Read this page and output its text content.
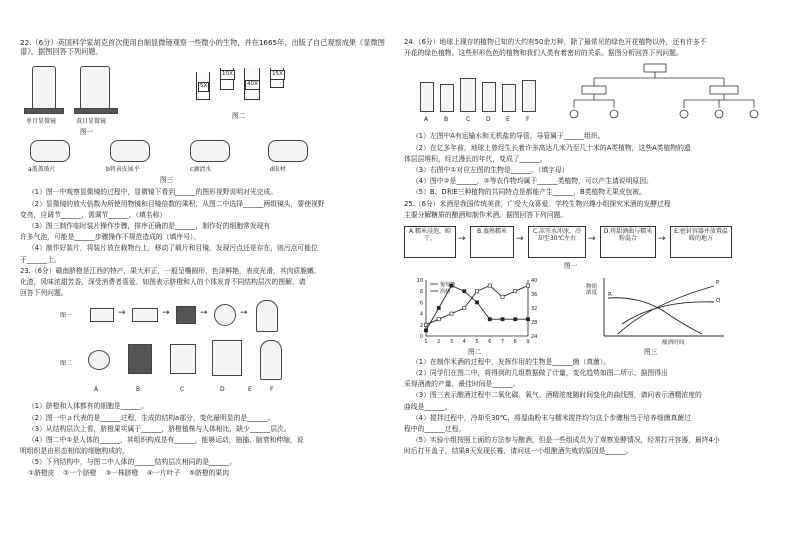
22.（6分）英国科学家胡克首次使用自制显微镜观察一些微小的生物，并在1665年，出版了自己观察成果《显微图谱》。据图回答下列问题。
单目显微镜	双目显微镜
图一
5X
10X
40X
15X
图二
a盖盖玻片	b将表皮展平	c滴清水	d取材
图三
（1）图一中观察显微镜的过程中，显微镜下看到______的图形视野说明对光完成。
（2）显微镜的放大倍数为所使用物镜和目镜倍数的乘积，从图二中选择______两组镜头，要使视野
变亮，应调节______，需调节______。（填名称）
（3）图三制作临时装片操作步骤，排序正确的是______，制作好的细胞常发现有
许多气泡，可能是______步骤操作不规范造成的（填序号）。
（4）制作好装片，将装片放在载物台上，移动了载片和目镜，发现污点还是存在，则污点可能位
于______上。
23.（6分）赣南脐橙是江西的特产，果大形正，一般呈椭圆形，色泽鲜艳，表皮光滑，其肉质脆嫩、
化渣，风味浓甜芳香，深受消费者喜爱。如图表示脐橙和人的个体发育不同结构层次的图解，请
回答下列问题。
图一	→	→	→	→
图二
A	B	C	D	E	F
（1）脐橙和人体都有的细胞是______。
（2）图一中ａ代表的是______过程，生成的结构a部分，变化最明显的是______。
（3）从结构层次上看，脐橙果实属于______，脐橙植株与人体相比，缺少______层次。
（4）图二中①是人体的______，其组织构成是有______，能够运动，抽搐、脑衰和伸缩，说
明组织是由形态相似的细胞构成的。
（5）下列结构中，与图二中人体的______结构层次相同的是______。
①脐橙皮 ②一个脐橙 ③一株脐橙 ④一片叶子 ⑤脐橙的果肉
24.（6分）地球上现存的植物已知的大约有50余万种，除了最常见的绿色开花植物以外，还有许多不
开花的绿色植物。这些形形色色的植物和我们人类有着密切的关系。据图分析回答下列问题。
A	B	C	D	E	F
（1）左图中A有运输水和无机盐的导管，导管属于______组织。
（2）在亿多年前，地球上曾经生长着许多高达几米乃至几十米的A类植物，这些A类植物的遗
体层层堆积，经过漫长的年代，变成了______。
（3）右图中①对应左图的生物是______。（填字母）
（4）图中②是______，②等农作物均属于______类植物，可以产生请说明原因。
（5）B、D和E三种植物的共同特点是都能产生______，B类植物无果皮包被。
25.（6分）米酒是我国传统美食，广受大众喜爱。学校生物兴趣小组探究米酒的发酵过程
主要分解糖质的酿酒和制作米酒。据图回答下列问题。
A.糯米浸泡，晾干，	→
B.蒸熟糯米
→
C.凉开水冲冰，冷却至30℃左右	→
D.将甜酒曲与糯米粉混合	→
E.密封容器并放置温暖的地方
图一
0
2
4
6
8
10
24
28
32
36
40
1 2 3 4 5 6 7 8 9
葡萄糖
酒精
图二
物质浓度
酿酒时间
R
P
Q
图三
（1）在制作米酒的过程中，发挥作用的生物是______菌（真菌）。
（2）同学们在图二中，将得到的几组数据做了计量，变化趋势如图二所示，据图得出
采得酒液的产量，最佳时间是______。
（3）图三表示酿酒过程中二氧化碳、氧气、酒精浓度随时间变化的曲线图，请问表示酒精浓度的
曲线是______。
（4）搅拌过程中，冷却至30℃，将湿曲粉末与糯米搅拌均匀这个步骤相当于培养细菌真菌过
程中的______过程。
（5）实验小组按照上面的方法参与酿酒，但是一些组成员为了观察发酵情况，经常打开容器，最终4小
时后打开盖子，结果8天发现长霉，请问这一小组酿酒失败的原因是______。
